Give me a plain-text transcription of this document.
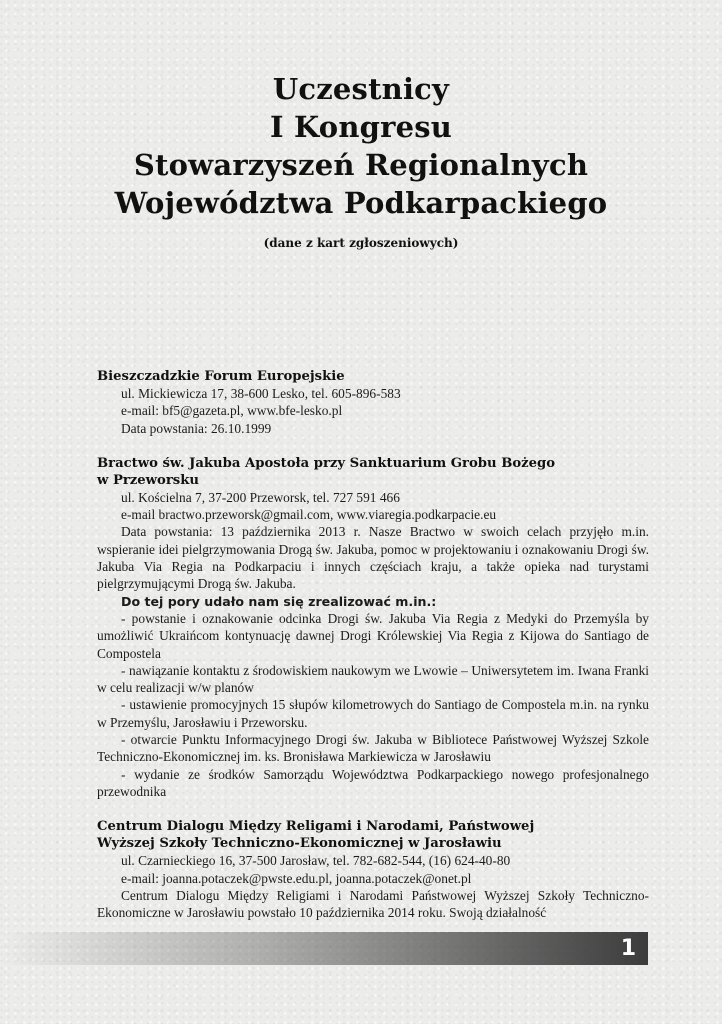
Uczestnicy
I Kongresu
Stowarzyszeń Regionalnych
Województwa Podkarpackiego
(dane z kart zgłoszeniowych)
Bieszczadzkie Forum Europejskie
ul. Mickiewicza 17, 38-600 Lesko, tel. 605-896-583
e-mail: bf5@gazeta.pl, www.bfe-lesko.pl
Data powstania: 26.10.1999
Bractwo św. Jakuba Apostoła przy Sanktuarium Grobu Bożego
w Przeworsku
ul. Kościelna 7, 37-200 Przeworsk, tel. 727 591 466
e-mail bractwo.przeworsk@gmail.com, www.viaregia.podkarpacie.eu
Data powstania: 13 października 2013 r. Nasze Bractwo w swoich celach przyjęło m.in. wspieranie idei pielgrzymowania Drogą św. Jakuba, pomoc w projektowaniu i oznakowaniu Drogi św. Jakuba Via Regia na Podkarpaciu i innych częściach kraju, a także opieka nad turystami pielgrzymującymi Drogą św. Jakuba.
Do tej pory udało nam się zrealizować m.in.:
- powstanie i oznakowanie odcinka Drogi św. Jakuba Via Regia z Medyki do Przemyśla by umożliwić Ukraińcom kontynuację dawnej Drogi Królewskiej Via Regia z Kijowa do Santiago de Compostela
- nawiązanie kontaktu z środowiskiem naukowym we Lwowie – Uniwersytetem im. Iwana Franki w celu realizacji w/w planów
- ustawienie promocyjnych 15 słupów kilometrowych do Santiago de Compostela m.in. na rynku w Przemyślu, Jarosławiu i Przeworsku.
- otwarcie Punktu Informacyjnego Drogi św. Jakuba w Bibliotece Państwowej Wyższej Szkole Techniczno-Ekonomicznej im. ks. Bronisława Markiewicza w Jarosławiu
- wydanie ze środków Samorządu Województwa Podkarpackiego nowego profesjonalnego przewodnika
Centrum Dialogu Między Religami i Narodami, Państwowej
Wyższej Szkoły Techniczno-Ekonomicznej w Jarosławiu
ul. Czarnieckiego 16, 37-500 Jarosław, tel. 782-682-544, (16) 624-40-80
e-mail: joanna.potaczek@pwste.edu.pl, joanna.potaczek@onet.pl
Centrum Dialogu Między Religiami i Narodami Państwowej Wyższej Szkoły Techniczno-Ekonomiczne w Jarosławiu powstało 10 października 2014 roku. Swoją działalność
1
